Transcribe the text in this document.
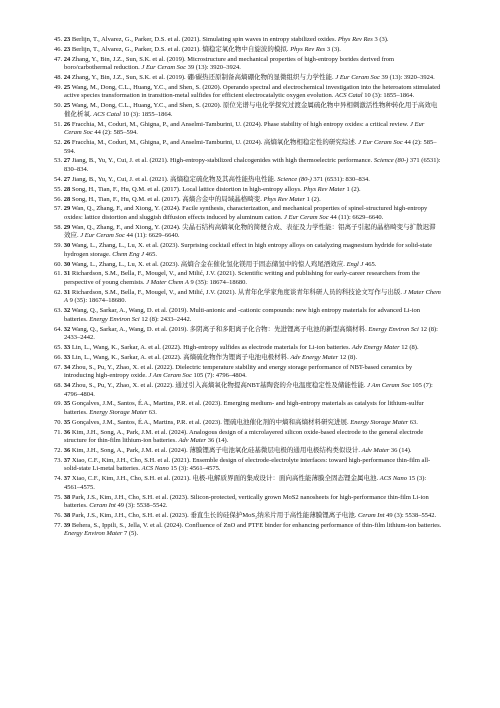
45. 23 Berlijn, T., Alvarez, G., Parker, D.S. et al. (2021). Simulating spin waves in entropy stabilized oxides. Phys Rev Res 3 (3).

46. 23 Berlijn, T., Alvarez, G., Parker, D.S. et al. (2021). 熵稳定氧化物中自旋波的模拟. Phys Rev Res 3 (3).

47. 24 Zhang, Y., Bin, J.Z., Sun, S.K. et al. (2019). Microstructure and mechanical properties of high-entropy borides derived from boro/carbothermal reduction. J Eur Ceram Soc 39 (13): 3920–3924.

48. 24 Zhang, Y., Bin, J.Z., Sun, S.K. et al. (2019). 硼/碳热还原制备高熵硼化物的显微组织与力学性能. J Eur Ceram Soc 39 (13): 3920–3924.

49. 25 Wang, M., Dong, C.L., Huang, Y.C., and Shen, S. (2020). Operando spectral and electrochemical investigation into the heteroatom stimulated active species transformation in transition-metal sulfides for efficient electrocatalytic oxygen evolution. ACS Catal 10 (3): 1855–1864.

50. 25 Wang, M., Dong, C.L., Huang, Y.C., and Shen, S. (2020). 原位光谱与电化学探究过渡金属硫化物中异相刺激活性物种转化用于高效电催化析氧. ACS Catal 10 (3): 1855–1864.

51. 26 Fracchia, M., Coduri, M., Ghigna, P., and Anselmi-Tamburini, U. (2024). Phase stability of high entropy oxides: a critical review. J Eur Ceram Soc 44 (2): 585–594.

52. 26 Fracchia, M., Coduri, M., Ghigna, P., and Anselmi-Tamburini, U. (2024). 高熵氧化物相稳定性的研究综述. J Eur Ceram Soc 44 (2): 585–594.

53. 27 Jiang, B., Yu, Y., Cui, J. et al. (2021). High-entropy-stabilized chalcogenides with high thermoelectric performance. Science (80-) 371 (6531): 830–834.

54. 27 Jiang, B., Yu, Y., Cui, J. et al. (2021). 高熵稳定硫化物及其高性能热电性能. Science (80-) 371 (6531): 830–834.

55. 28 Song, H., Tian, F., Hu, Q.M. et al. (2017). Local lattice distortion in high-entropy alloys. Phys Rev Mater 1 (2).

56. 28 Song, H., Tian, F., Hu, Q.M. et al. (2017). 高熵合金中的局域晶格畸变. Phys Rev Mater 1 (2).

57. 29 Wan, Q., Zhang, F., and Xiong, Y. (2024). Facile synthesis, characterization, and mechanical properties of spinel-structured high-entropy oxides: lattice distortion and sluggish diffusion effects induced by aluminum cation. J Eur Ceram Soc 44 (11): 6629–6640.

58. 29 Wan, Q., Zhang, F., and Xiong, Y. (2024). 尖晶石结构高熵氧化物的简便合成、表征及力学性能：铝离子引起的晶格畸变与扩散迟滞效应. J Eur Ceram Soc 44 (11): 6629–6640.

59. 30 Wang, L., Zhang, L., Lu, X. et al. (2023). Surprising cocktail effect in high entropy alloys on catalyzing magnesium hydride for solid-state hydrogen storage. Chem Eng J 465.

60. 30 Wang, L., Zhang, L., Lu, X. et al. (2023). 高熵合金在催化氢化镁用于固态储氢中的惊人鸡尾酒效应. Engl J 465.

61. 31 Richardson, S.M., Bella, F., Mougel, V., and Milić, J.V. (2021). Scientific writing and publishing for early-career researchers from the perspective of young chemists. J Mater Chem A 9 (35): 18674–18680.

62. 31 Richardson, S.M., Bella, F., Mougel, V., and Milić, J.V. (2021). 从青年化学家角度谈青年科研人员的科技论文写作与出版. J Mater Chem A 9 (35): 18674–18680.

63. 32 Wang, Q., Sarkar, A., Wang, D. et al. (2019). Multi-anionic and -cationic compounds: new high entropy materials for advanced Li-ion batteries. Energy Environ Sci 12 (8): 2433–2442.

64. 32 Wang, Q., Sarkar, A., Wang, D. et al. (2019). 多阴离子和多阳离子化合物：先进锂离子电池的新型高熵材料. Energy Environ Sci 12 (8): 2433–2442.

65. 33 Lin, L., Wang, K., Sarkar, A. et al. (2022). High-entropy sulfides as electrode materials for Li-ion batteries. Adv Energy Mater 12 (8).

66. 33 Lin, L., Wang, K., Sarkar, A. et al. (2022). 高熵硫化物作为锂离子电池电极材料. Adv Energy Mater 12 (8).

67. 34 Zhou, S., Pu, Y., Zhao, X. et al. (2022). Dielectric temperature stability and energy storage performance of NBT-based ceramics by introducing high-entropy oxide. J Am Ceram Soc 105 (7): 4796–4804.

68. 34 Zhou, S., Pu, Y., Zhao, X. et al. (2022). 通过引入高熵氧化物提高NBT基陶瓷的介电温度稳定性及储能性能. J Am Ceram Soc 105 (7): 4796–4804.

69. 35 Gonçalves, J.M., Santos, É.A., Martins, P.R. et al. (2023). Emerging medium- and high-entropy materials as catalysts for lithium-sulfur batteries. Energy Storage Mater 63.

70. 35 Gonçalves, J.M., Santos, É.A., Martins, P.R. et al. (2023). 锂硫电池催化剂的中熵和高熵材料研究进展. Energy Storage Mater 63.

71. 36 Kim, J.H., Song, A., Park, J.M. et al. (2024). Analogous design of a microlayered silicon oxide-based electrode to the general electrode structure for thin-film lithium-ion batteries. Adv Mater 36 (14).

72. 36 Kim, J.H., Song, A., Park, J.M. et al. (2024). 薄膜锂离子电池氧化硅基微层电极的通用电极结构类似设计. Adv Mater 36 (14).

73. 37 Xiao, C.F., Kim, J.H., Cho, S.H. et al. (2021). Ensemble design of electrode-electrolyte interfaces: toward high-performance thin-film all-solid-state Li-metal batteries. ACS Nano 15 (3): 4561–4575.

74. 37 Xiao, C.F., Kim, J.H., Cho, S.H. et al. (2021). 电极-电解质界面的集成设计：面向高性能薄膜全固态锂金属电池. ACS Nano 15 (3): 4561–4575.

75. 38 Park, J.S., Kim, J.H., Cho, S.H. et al. (2023). Silicon-protected, vertically grown MoS2 nanosheets for high-performance thin-film Li-ion batteries. Ceram Int 49 (3): 5538–5542.

76. 38 Park, J.S., Kim, J.H., Cho, S.H. et al. (2023). 垂直生长的硅保护MoS₂纳米片用于高性能薄膜锂离子电池. Ceram Int 49 (3): 5538–5542.

77. 39 Behera, S., Ippili, S., Jella, V. et al. (2024). Confluence of ZnO and PTFE binder for enhancing performance of thin-film lithium-ion batteries. Energy Environ Mater 7 (5).
